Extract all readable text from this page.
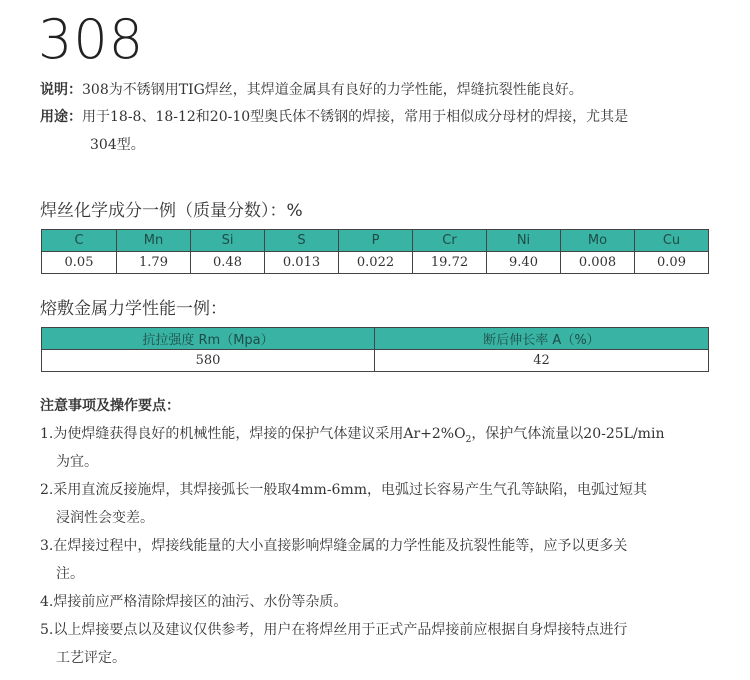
308
说明：308为不锈钢用TIG焊丝，其焊道金属具有良好的力学性能，焊缝抗裂性能良好。
用途：用于18-8、18-12和20-10型奥氏体不锈钢的焊接，常用于相似成分母材的焊接，尤其是
304型。
焊丝化学成分一例（质量分数）：%
C	Mn	Si	S	P	Cr	Ni	Mo	Cu
0.05	1.79	0.48	0.013	0.022	19.72	9.40	0.008	0.09
熔敷金属力学性能一例：
抗拉强度 Rm（Mpa）	断后伸长率 A（%）
580	42
注意事项及操作要点：
1.为使焊缝获得良好的机械性能，焊接的保护气体建议采用$Ar+2\%O_2$，保护气体流量以20-25L/min
为宜。
2.采用直流反接施焊，其焊接弧长一般取4mm-6mm，电弧过长容易产生气孔等缺陷，电弧过短其
浸润性会变差。
3.在焊接过程中，焊接线能量的大小直接影响焊缝金属的力学性能及抗裂性能等，应予以更多关
注。
4.焊接前应严格清除焊接区的油污、水份等杂质。
5.以上焊接要点以及建议仅供参考，用户在将焊丝用于正式产品焊接前应根据自身焊接特点进行
工艺评定。
